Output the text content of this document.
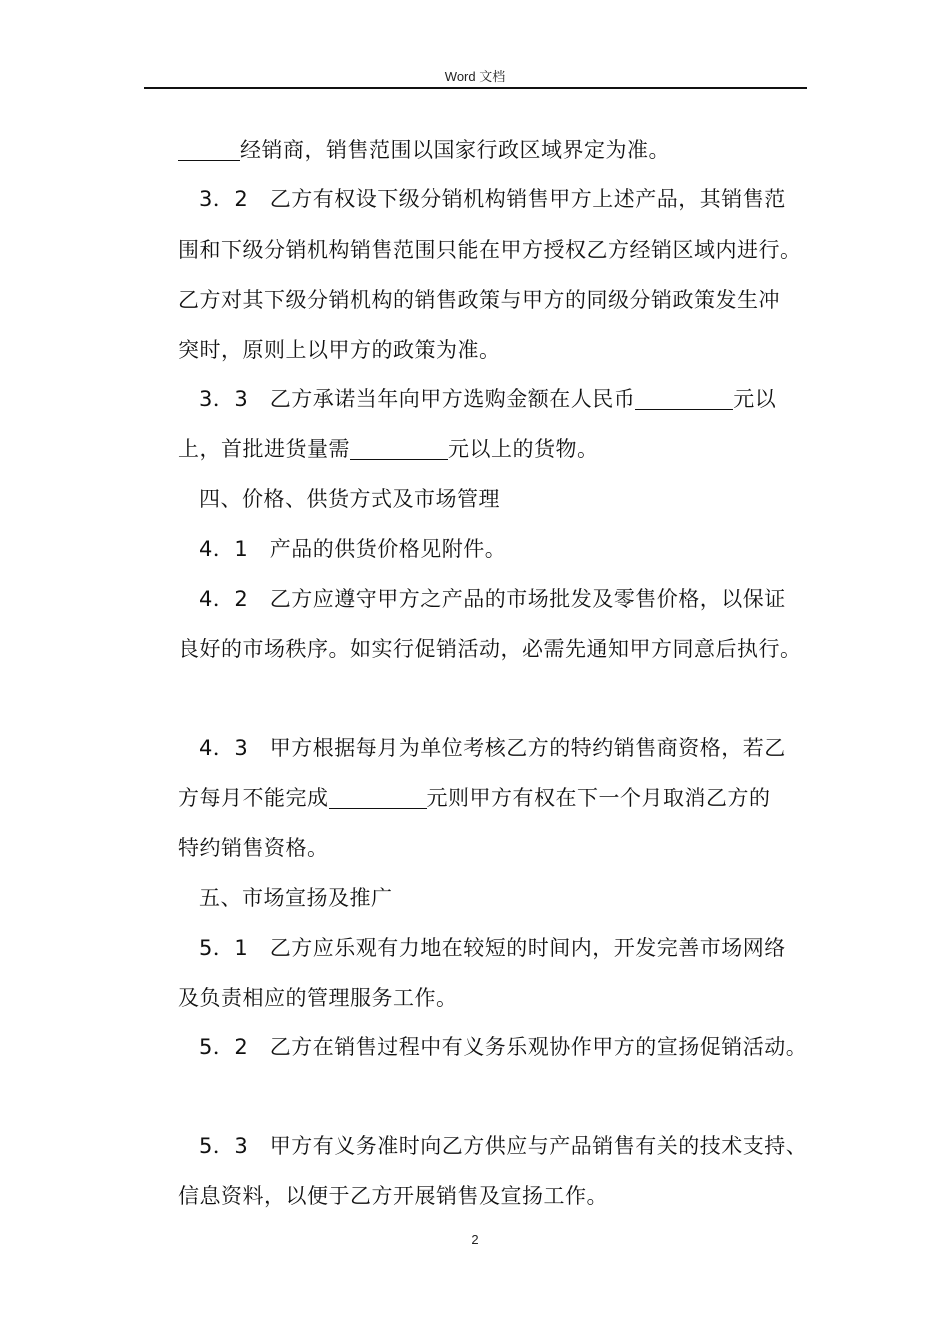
Word 文档
经销商，销售范围以国家行政区域界定为准。
3．2　乙方有权设下级分销机构销售甲方上述产品，其销售范
围和下级分销机构销售范围只能在甲方授权乙方经销区域内进行。
乙方对其下级分销机构的销售政策与甲方的同级分销政策发生冲
突时，原则上以甲方的政策为准。
3．3　乙方承诺当年向甲方选购金额在人民币	元以
上，首批进货量需	元以上的货物。
四、价格、供货方式及市场管理
4．1　产品的供货价格见附件。
4．2　乙方应遵守甲方之产品的市场批发及零售价格，以保证
良好的市场秩序。如实行促销活动，必需先通知甲方同意后执行。
4．3　甲方根据每月为单位考核乙方的特约销售商资格，若乙
方每月不能完成	元则甲方有权在下一个月取消乙方的
特约销售资格。
五、市场宣扬及推广
5．1　乙方应乐观有力地在较短的时间内，开发完善市场网络
及负责相应的管理服务工作。
5．2　乙方在销售过程中有义务乐观协作甲方的宣扬促销活动。
5．3　甲方有义务准时向乙方供应与产品销售有关的技术支持、
信息资料，以便于乙方开展销售及宣扬工作。
2
